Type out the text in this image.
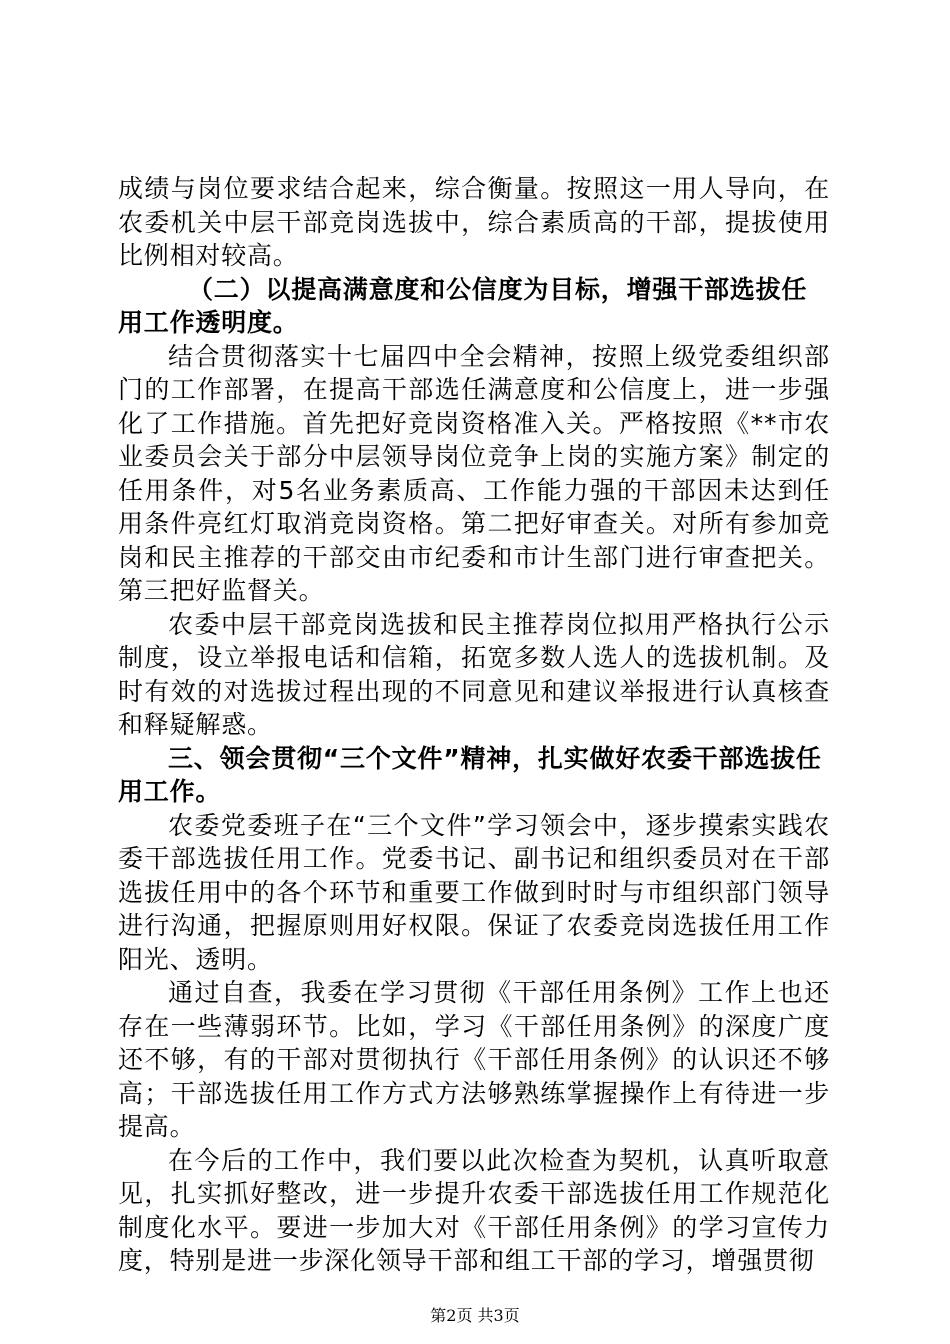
成绩与岗位要求结合起来，综合衡量。按照这一用人导向，在农委机关中层干部竞岗选拔中，综合素质高的干部，提拔使用比例相对较高。

（二）以提高满意度和公信度为目标，增强干部选拔任用工作透明度。

结合贯彻落实十七届四中全会精神，按照上级党委组织部门的工作部署，在提高干部选任满意度和公信度上，进一步强化了工作措施。首先把好竞岗资格准入关。严格按照《**市农业委员会关于部分中层领导岗位竞争上岗的实施方案》制定的任用条件，对5名业务素质高、工作能力强的干部因未达到任用条件亮红灯取消竞岗资格。第二把好审查关。对所有参加竞岗和民主推荐的干部交由市纪委和市计生部门进行审查把关。第三把好监督关。

农委中层干部竞岗选拔和民主推荐岗位拟用严格执行公示制度，设立举报电话和信箱，拓宽多数人选人的选拔机制。及时有效的对选拔过程出现的不同意见和建议举报进行认真核查和释疑解惑。

三、领会贯彻“三个文件”精神，扎实做好农委干部选拔任用工作。

农委党委班子在“三个文件”学习领会中，逐步摸索实践农委干部选拔任用工作。党委书记、副书记和组织委员对在干部选拔任用中的各个环节和重要工作做到时时与市组织部门领导进行沟通，把握原则用好权限。保证了农委竞岗选拔任用工作阳光、透明。

通过自查，我委在学习贯彻《干部任用条例》工作上也还存在一些薄弱环节。比如，学习《干部任用条例》的深度广度还不够，有的干部对贯彻执行《干部任用条例》的认识还不够高；干部选拔任用工作方式方法够熟练掌握操作上有待进一步提高。

在今后的工作中，我们要以此次检查为契机，认真听取意见，扎实抓好整改，进一步提升农委干部选拔任用工作规范化制度化水平。要进一步加大对《干部任用条例》的学习宣传力度，特别是进一步深化领导干部和组工干部的学习，增强贯彻

第2页 共3页
